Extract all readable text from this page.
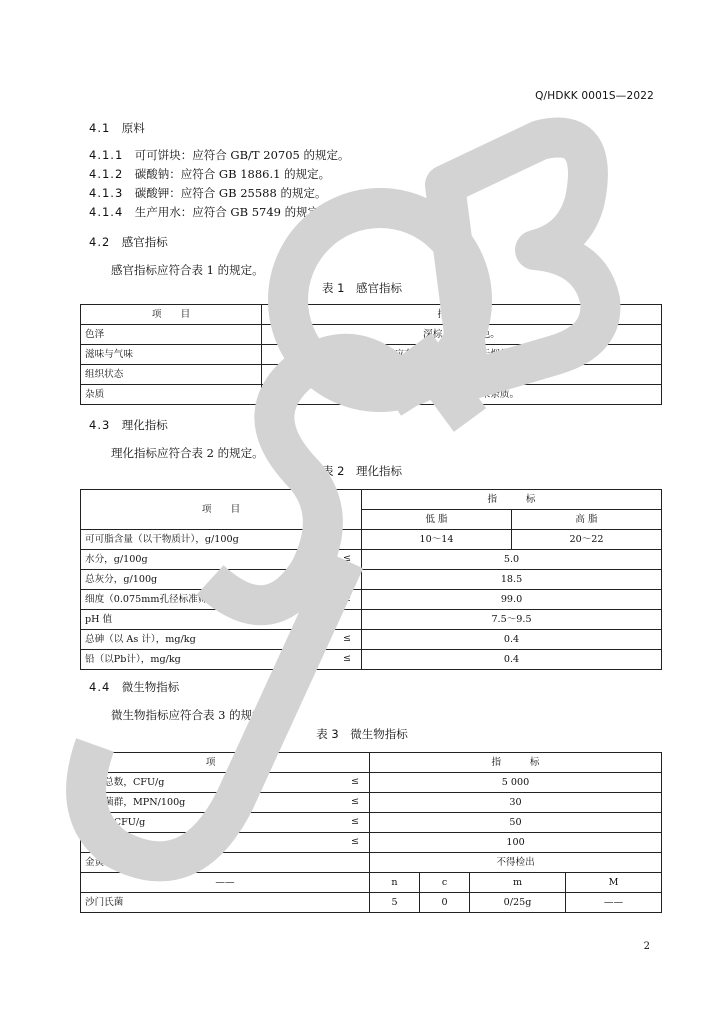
Q/HDKK 0001S—2022
4.1　 原料
4.1.1　 可可饼块：应符合 GB/T 20705 的规定。
4.1.2　 碳酸钠：应符合 GB 1886.1 的规定。
4.1.3　 碳酸钾：应符合 GB 25588 的规定。
4.1.4　 生产用水：应符合 GB 5749 的规定。
4.2　 感官指标
感官指标应符合表 1 的规定。
表 1　感官指标
项　　目	指　　　标
色泽	深棕黑色至黑色。
滋味与气味	具有正常可可应有的香味与滋味，无烟焦霉味及其他异味。
组织状态	粉末状固体，无霉变。
杂质	无正常视力可见外来杂质。
4.3　 理化指标
理化指标应符合表 2 的规定。
表 2　理化指标
项　　目	指　　　标	
	低 脂	高 脂
可可脂含量（以干物质计），g/100g	10～14	20～22
水分，g/100g ≤	5.0	
总灰分，g/100g ≤	18.5	
细度（0.075mm孔径标准筛通过率），g/100g ≥	99.0	
pH 值	7.5～9.5	
总砷（以 As 计），mg/kg ≤	0.4	
铅（以Pb计），mg/kg ≤	0.4	
4.4　 微生物指标
微生物指标应符合表 3 的规定。
表 3　微生物指标
项　　目	指　　　标			
菌落总数，CFU/g ≤	5 000			
大肠菌群，MPN/100g ≤	30			
酵母，CFU/g ≤	50			
霉菌，CFU/g ≤	100			
金黄色葡萄球菌、志贺氏菌	不得检出			
——	n	c	m	M
沙门氏菌	5	0	0/25g	——
2
